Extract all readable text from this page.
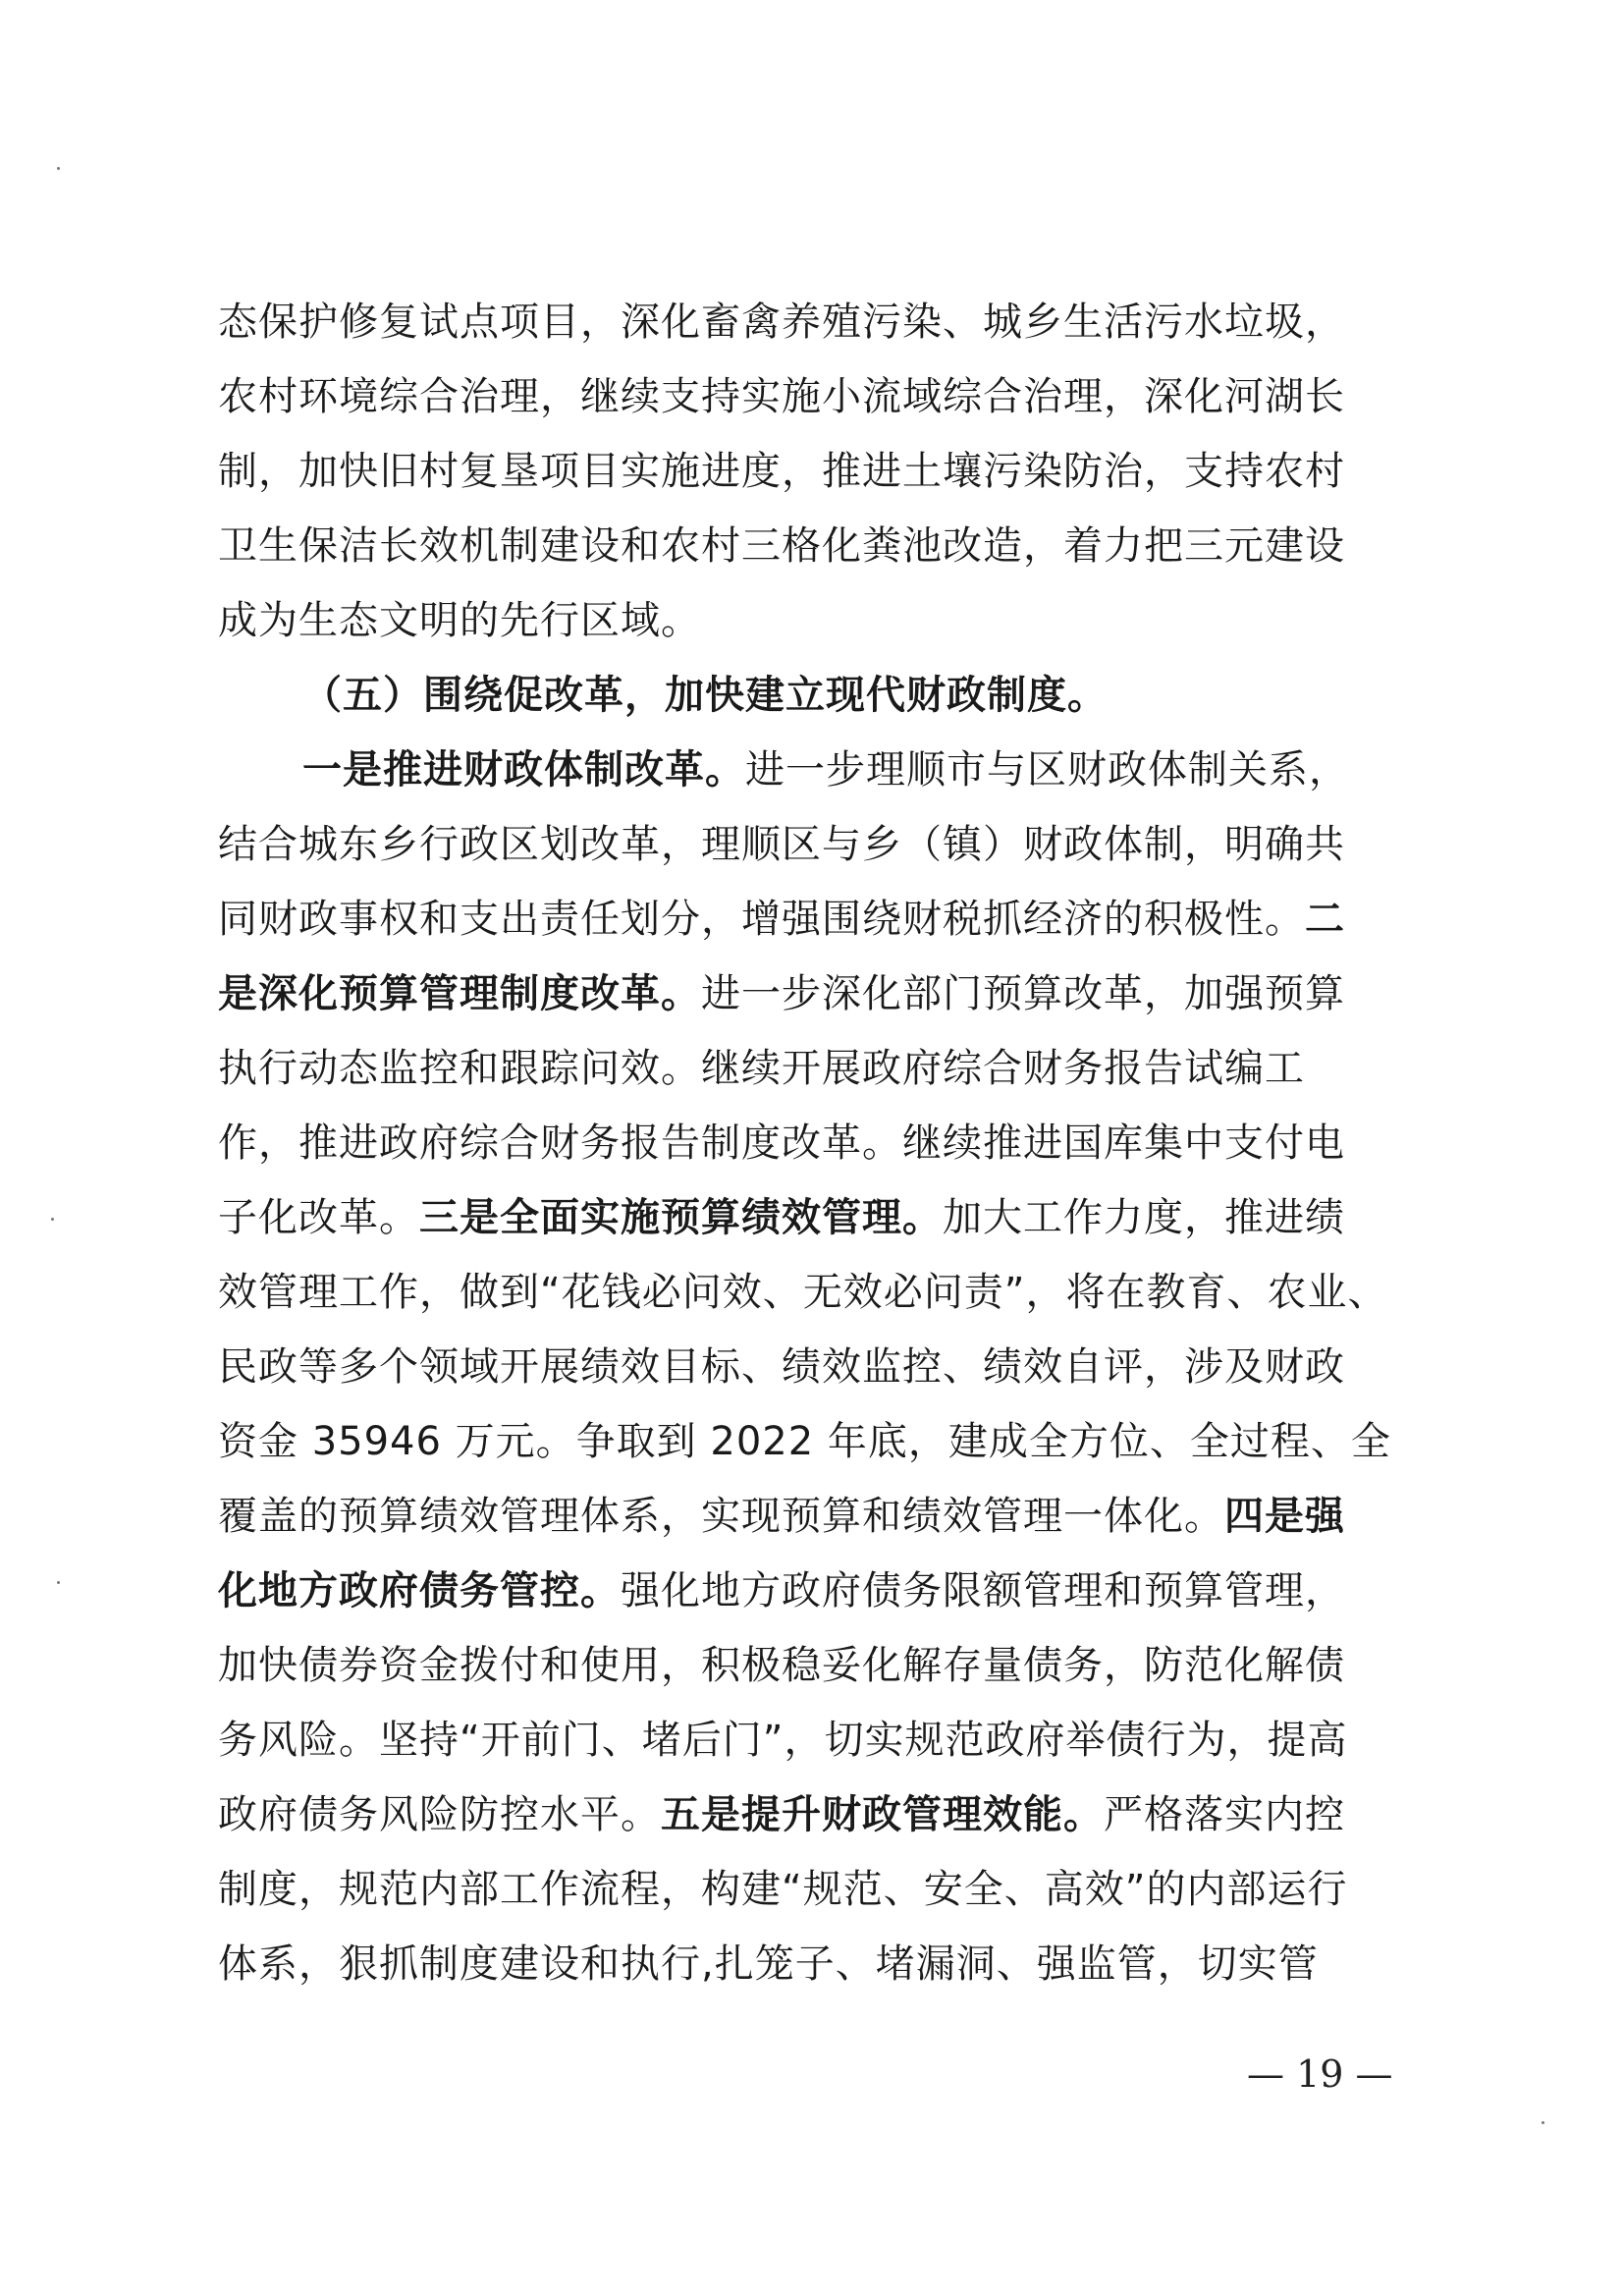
态保护修复试点项目，深化畜禽养殖污染、城乡生活污水垃圾，
农村环境综合治理，继续支持实施小流域综合治理，深化河湖长
制，加快旧村复垦项目实施进度，推进土壤污染防治，支持农村
卫生保洁长效机制建设和农村三格化粪池改造，着力把三元建设
成为生态文明的先行区域。
（五）围绕促改革，加快建立现代财政制度。
一是推进财政体制改革。进一步理顺市与区财政体制关系，
结合城东乡行政区划改革，理顺区与乡（镇）财政体制，明确共
同财政事权和支出责任划分，增强围绕财税抓经济的积极性。二
是深化预算管理制度改革。进一步深化部门预算改革，加强预算
执行动态监控和跟踪问效。继续开展政府综合财务报告试编工
作，推进政府综合财务报告制度改革。继续推进国库集中支付电
子化改革。三是全面实施预算绩效管理。加大工作力度，推进绩
效管理工作，做到“花钱必问效、无效必问责”，将在教育、农业、
民政等多个领域开展绩效目标、绩效监控、绩效自评，涉及财政
资金 35946 万元。争取到 2022 年底，建成全方位、全过程、全
覆盖的预算绩效管理体系，实现预算和绩效管理一体化。四是强
化地方政府债务管控。强化地方政府债务限额管理和预算管理，
加快债券资金拨付和使用，积极稳妥化解存量债务，防范化解债
务风险。坚持“开前门、堵后门”，切实规范政府举债行为，提高
政府债务风险防控水平。五是提升财政管理效能。严格落实内控
制度，规范内部工作流程，构建“规范、安全、高效”的内部运行
体系，狠抓制度建设和执行,扎笼子、堵漏洞、强监管，切实管
— 19 —
